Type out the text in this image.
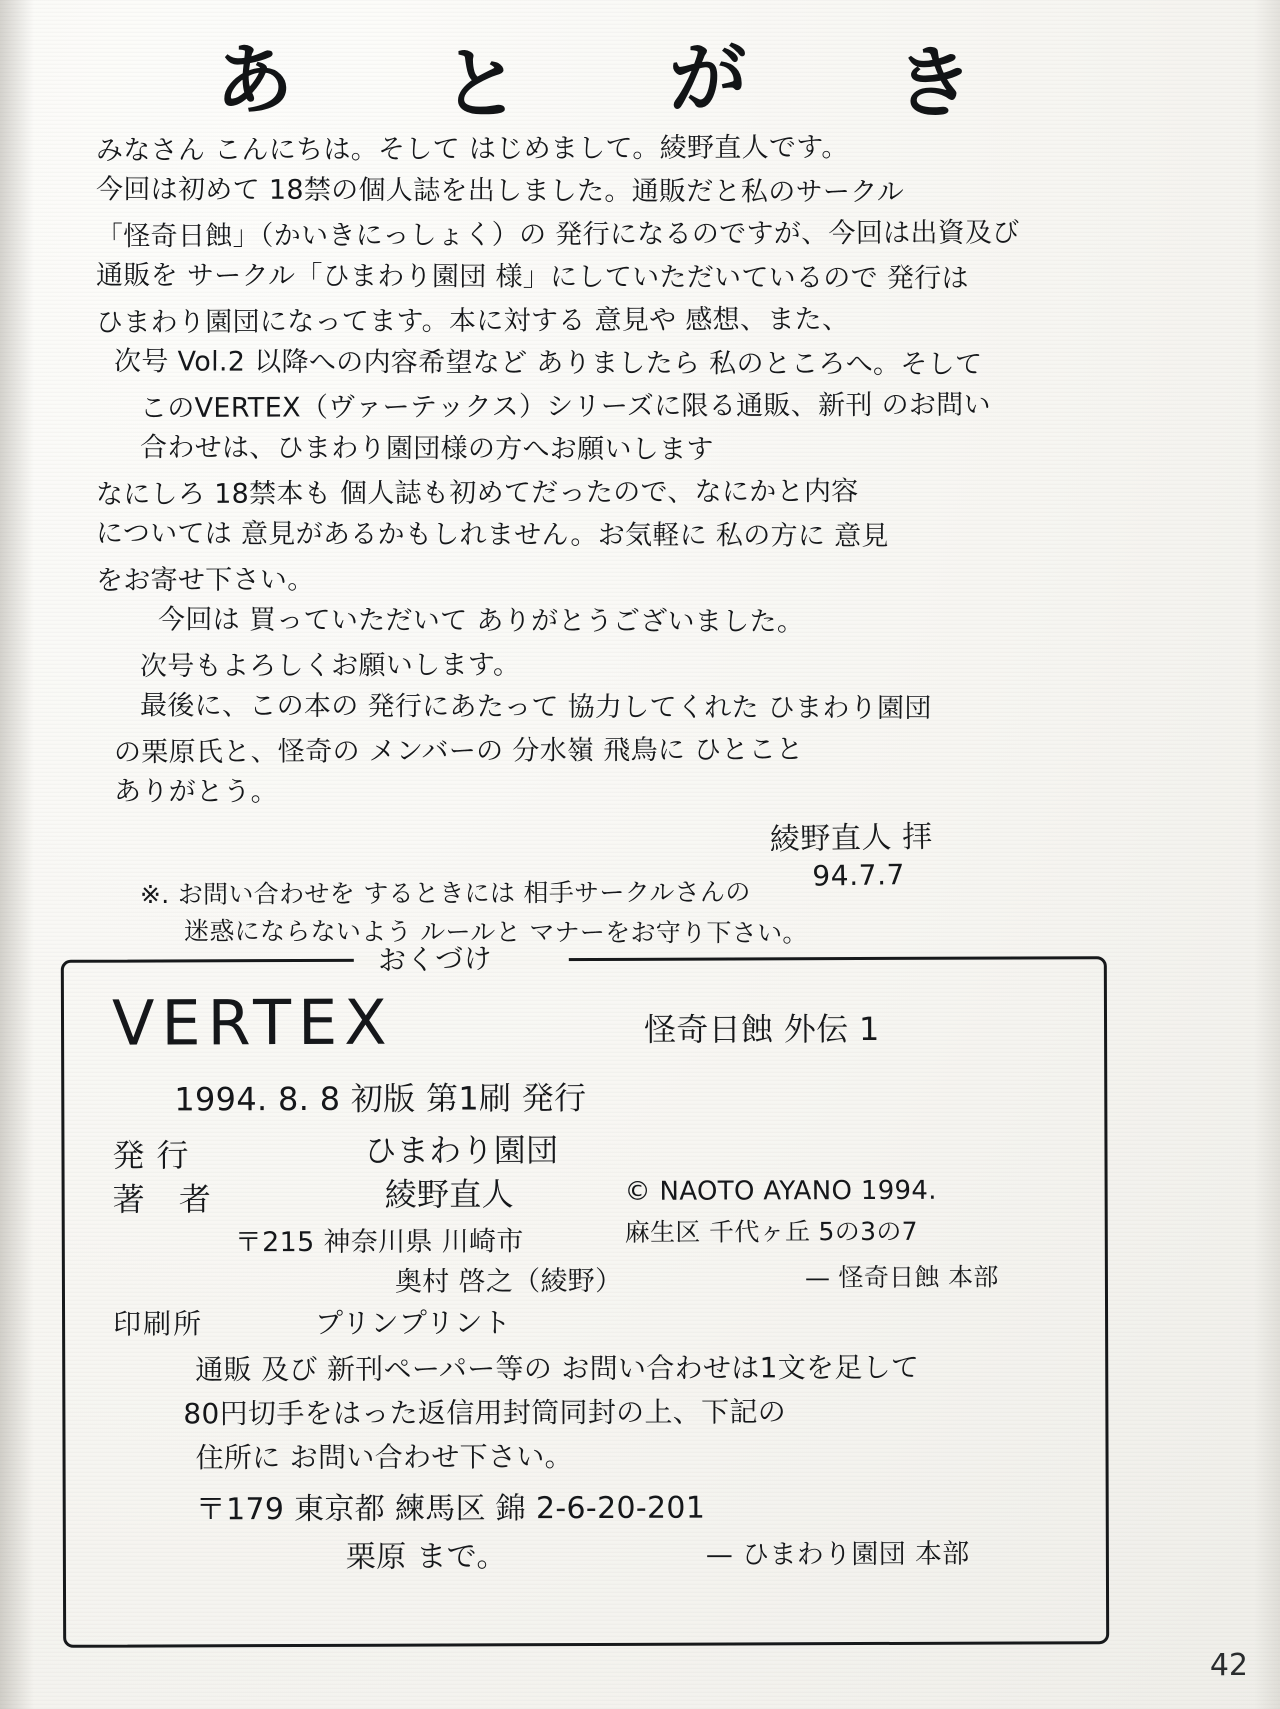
あ と が き
みなさん こんにちは。そして はじめまして。綾野直人です。
今回は初めて 18禁の個人誌を出しました。通販だと私のサークル
「怪奇日蝕」（かいきにっしょく）の 発行になるのですが、今回は出資及び
通販を サークル「ひまわり園団 様」にしていただいているので 発行は
ひまわり園団になってます。本に対する 意見や 感想、また、
次号 Vol.2 以降への内容希望など ありましたら 私のところへ。そして
このVERTEX（ヴァーテックス）シリーズに限る通販、新刊 のお問い
合わせは、ひまわり園団様の方へお願いします
なにしろ 18禁本も 個人誌も初めてだったので、なにかと内容
については 意見があるかもしれません。お気軽に 私の方に 意見
をお寄せ下さい。
今回は 買っていただいて ありがとうございました。
次号もよろしくお願いします。
最後に、この本の 発行にあたって 協力してくれた ひまわり園団
の栗原氏と、怪奇の メンバーの 分水嶺 飛鳥に ひとこと
ありがとう。
綾野直人 拝
94.7.7
※. お問い合わせを するときには 相手サークルさんの
迷惑にならないよう ルールと マナーをお守り下さい。
おくづけ
VERTEX	怪奇日蝕 外伝 1
1994. 8. 8 初版 第1刷 発行
発行	ひまわり園団
著 者	綾野直人	© NAOTO AYANO 1994.
〒215 神奈川県 川崎市	麻生区 千代ヶ丘 5の3の7
奥村 啓之（綾野）	— 怪奇日蝕 本部
印刷所	プリンプリント
通販 及び 新刊ペーパー等の お問い合わせは1文を足して
80円切手をはった返信用封筒同封の上、下記の
住所に お問い合わせ下さい。
〒179 東京都 練馬区 錦 2-6-20-201
栗原 まで。	— ひまわり園団 本部
42
